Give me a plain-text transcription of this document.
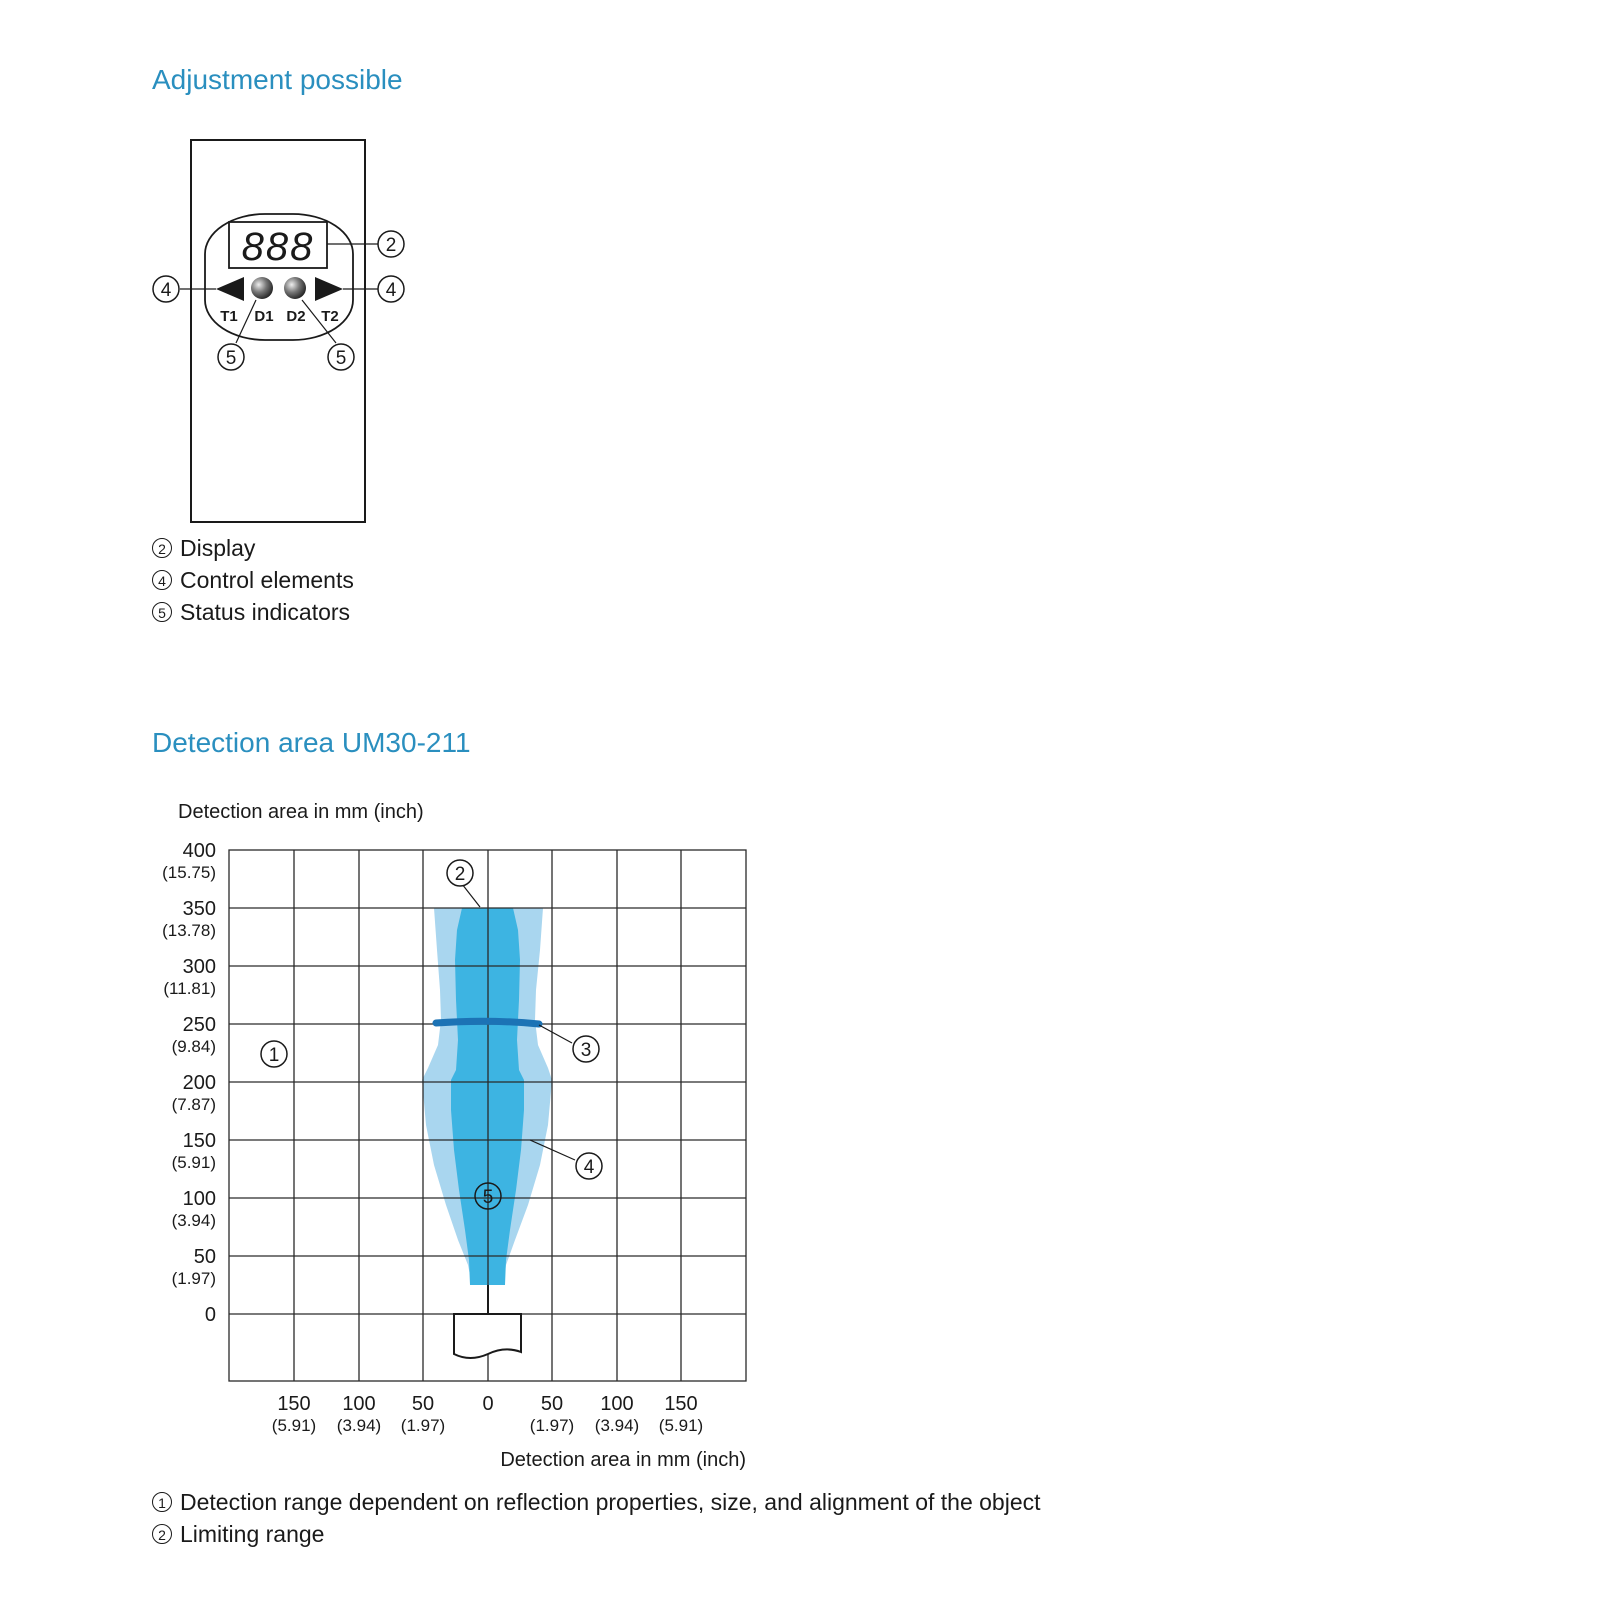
Adjustment possible
888
T1 D1 D2 T2
2
4	4
5	5
Detection area in mm (inch)
400
(15.75)
350
(13.78)
300
(11.81)
250
(9.84)
200
(7.87)
150
(5.91)
100
(3.94)
50
(1.97)
0
150
(5.91)
100
(3.94)
50
(1.97)
0 50
(1.97)
100
(3.94)
150
(5.91)
Detection area in mm (inch)
1
2
3
4
5
2 Display
4 Control elements
5 Status indicators
Detection area UM30-211
1 Detection range dependent on reflection properties, size, and alignment of the object
2 Limiting range
